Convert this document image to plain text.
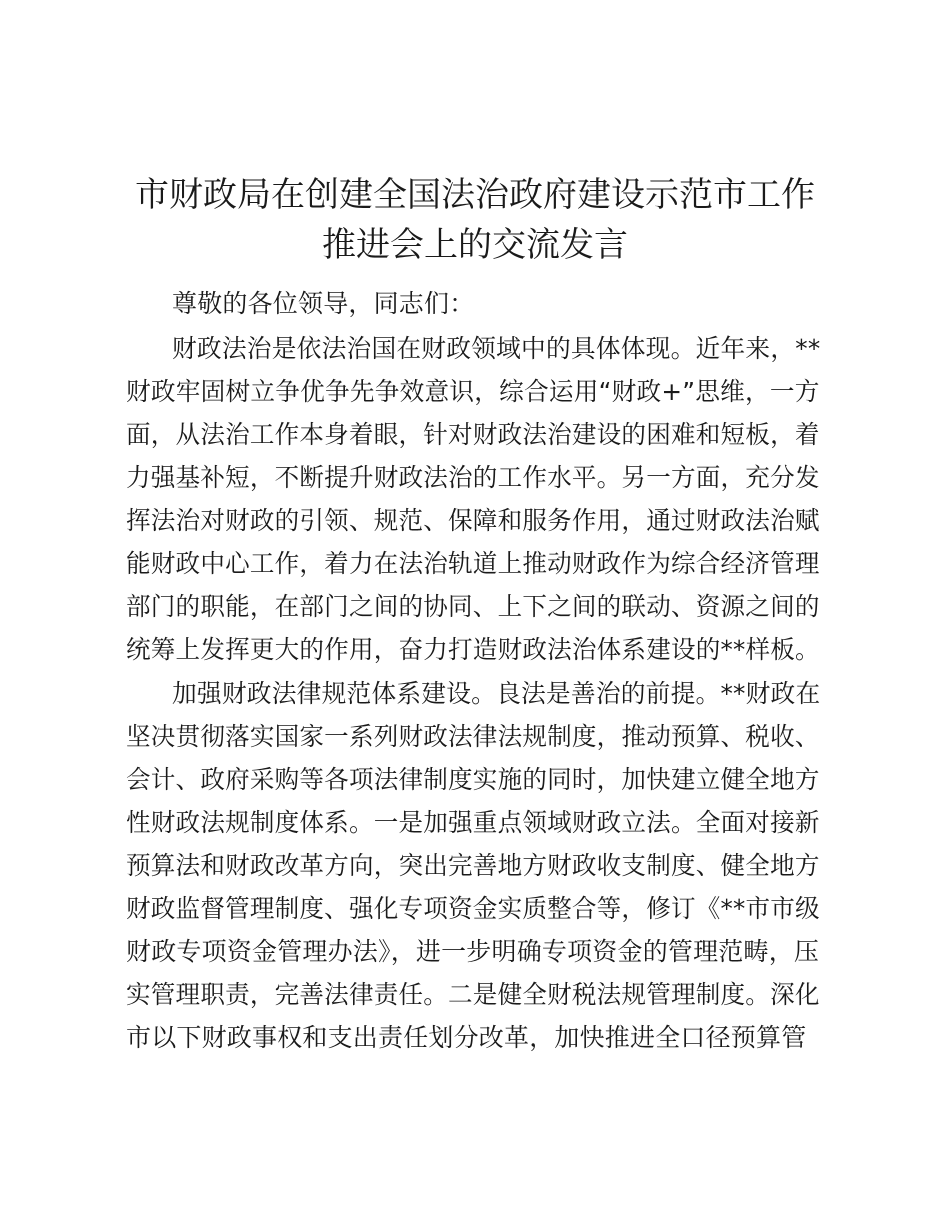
市财政局在创建全国法治政府建设示范市工作
推进会上的交流发言
尊敬的各位领导，同志们：
财政法治是依法治国在财政领域中的具体体现。近年来，**
财政牢固树立争优争先争效意识，综合运用“财政+”思维，一方
面，从法治工作本身着眼，针对财政法治建设的困难和短板，着
力强基补短，不断提升财政法治的工作水平。另一方面，充分发
挥法治对财政的引领、规范、保障和服务作用，通过财政法治赋
能财政中心工作，着力在法治轨道上推动财政作为综合经济管理
部门的职能，在部门之间的协同、上下之间的联动、资源之间的
统筹上发挥更大的作用，奋力打造财政法治体系建设的**样板。
加强财政法律规范体系建设。良法是善治的前提。**财政在
坚决贯彻落实国家一系列财政法律法规制度，推动预算、税收、
会计、政府采购等各项法律制度实施的同时，加快建立健全地方
性财政法规制度体系。一是加强重点领域财政立法。全面对接新
预算法和财政改革方向，突出完善地方财政收支制度、健全地方
财政监督管理制度、强化专项资金实质整合等，修订《**市市级
财政专项资金管理办法》，进一步明确专项资金的管理范畴，压
实管理职责，完善法律责任。二是健全财税法规管理制度。深化
市以下财政事权和支出责任划分改革，加快推进全口径预算管
